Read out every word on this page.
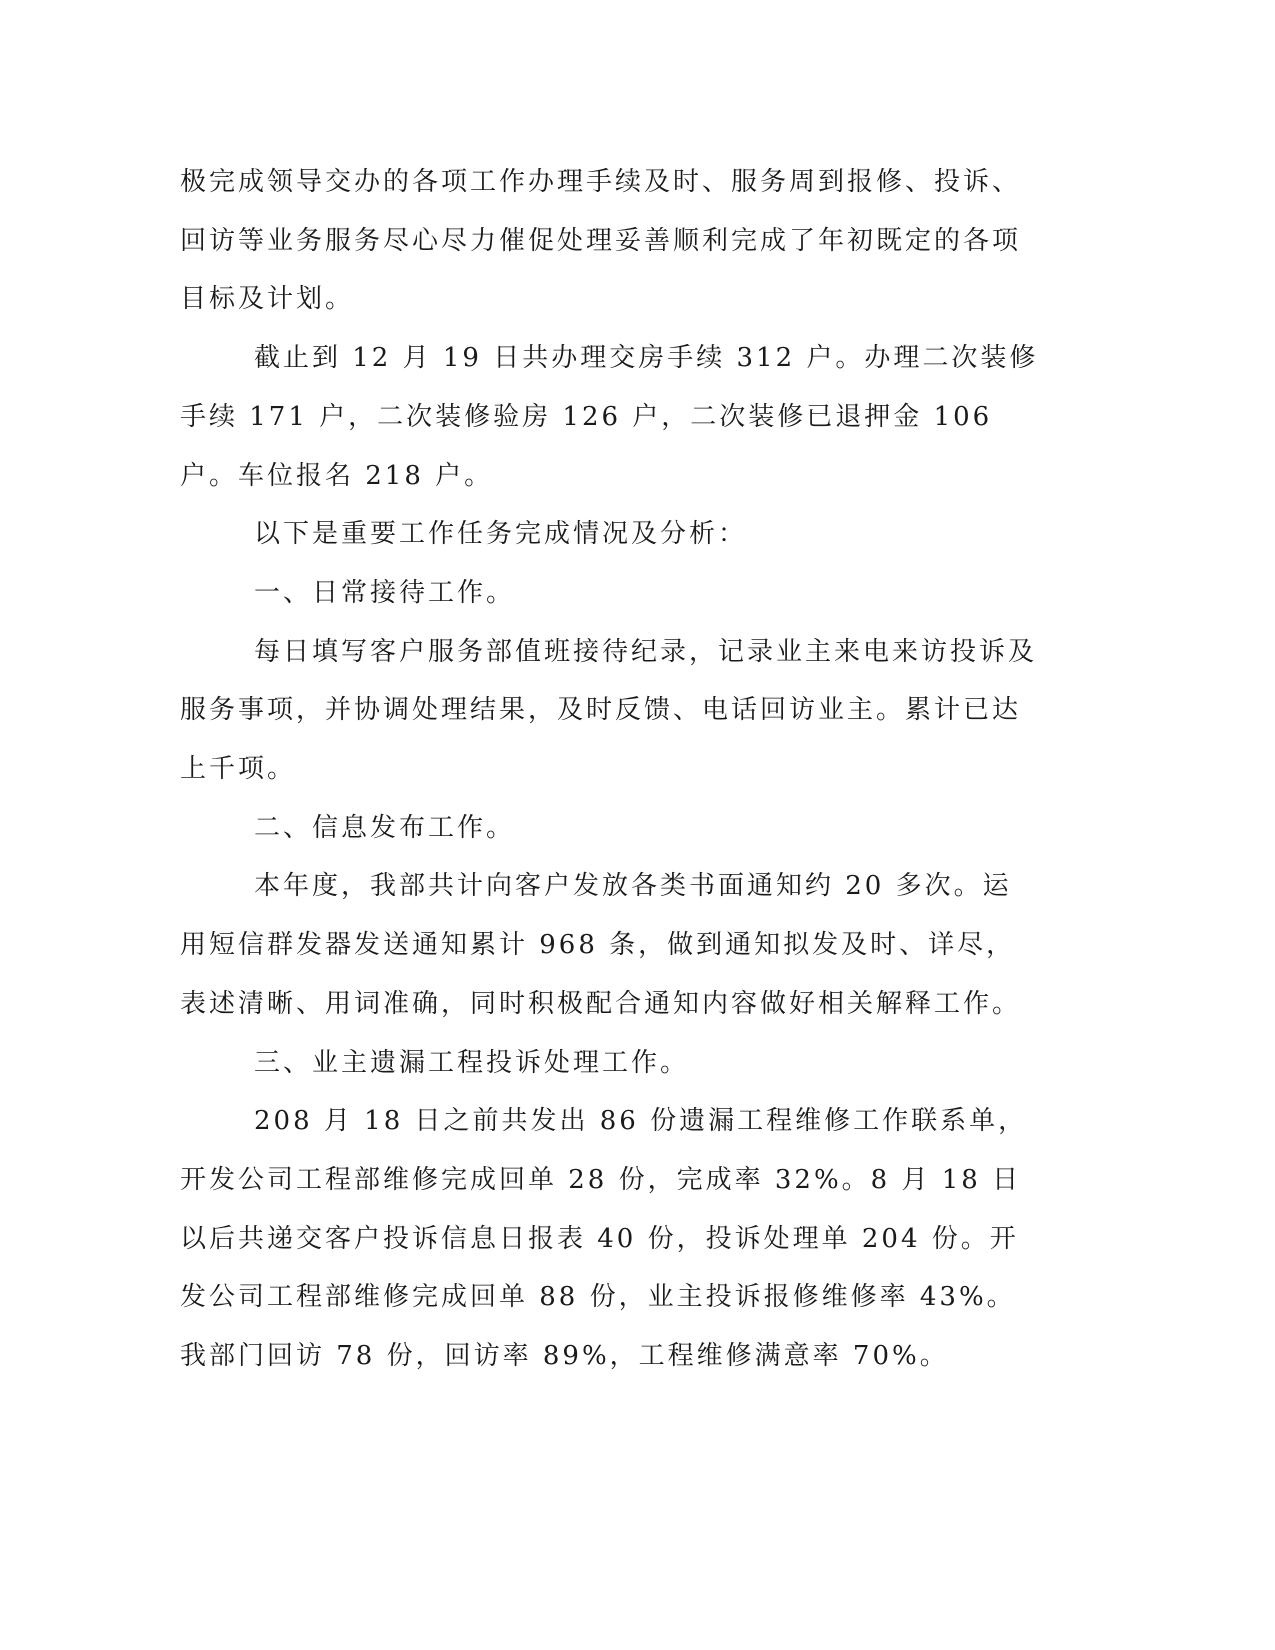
极完成领导交办的各项工作办理手续及时、服务周到报修、投诉、回访等业务服务尽心尽力催促处理妥善顺利完成了年初既定的各项目标及计划。

截止到 12 月 19 日共办理交房手续 312 户。办理二次装修手续 171 户，二次装修验房 126 户，二次装修已退押金 106 户。车位报名 218 户。

以下是重要工作任务完成情况及分析：

一、日常接待工作。

每日填写客户服务部值班接待纪录，记录业主来电来访投诉及服务事项，并协调处理结果，及时反馈、电话回访业主。累计已达上千项。

二、信息发布工作。

本年度，我部共计向客户发放各类书面通知约 20 多次。运用短信群发器发送通知累计 968 条，做到通知拟发及时、详尽，表述清晰、用词准确，同时积极配合通知内容做好相关解释工作。

三、业主遗漏工程投诉处理工作。

208 月 18 日之前共发出 86 份遗漏工程维修工作联系单，开发公司工程部维修完成回单 28 份，完成率 32%。8 月 18 日以后共递交客户投诉信息日报表 40 份，投诉处理单 204 份。开发公司工程部维修完成回单 88 份，业主投诉报修维修率 43%。我部门回访 78 份，回访率 89%，工程维修满意率 70%。
